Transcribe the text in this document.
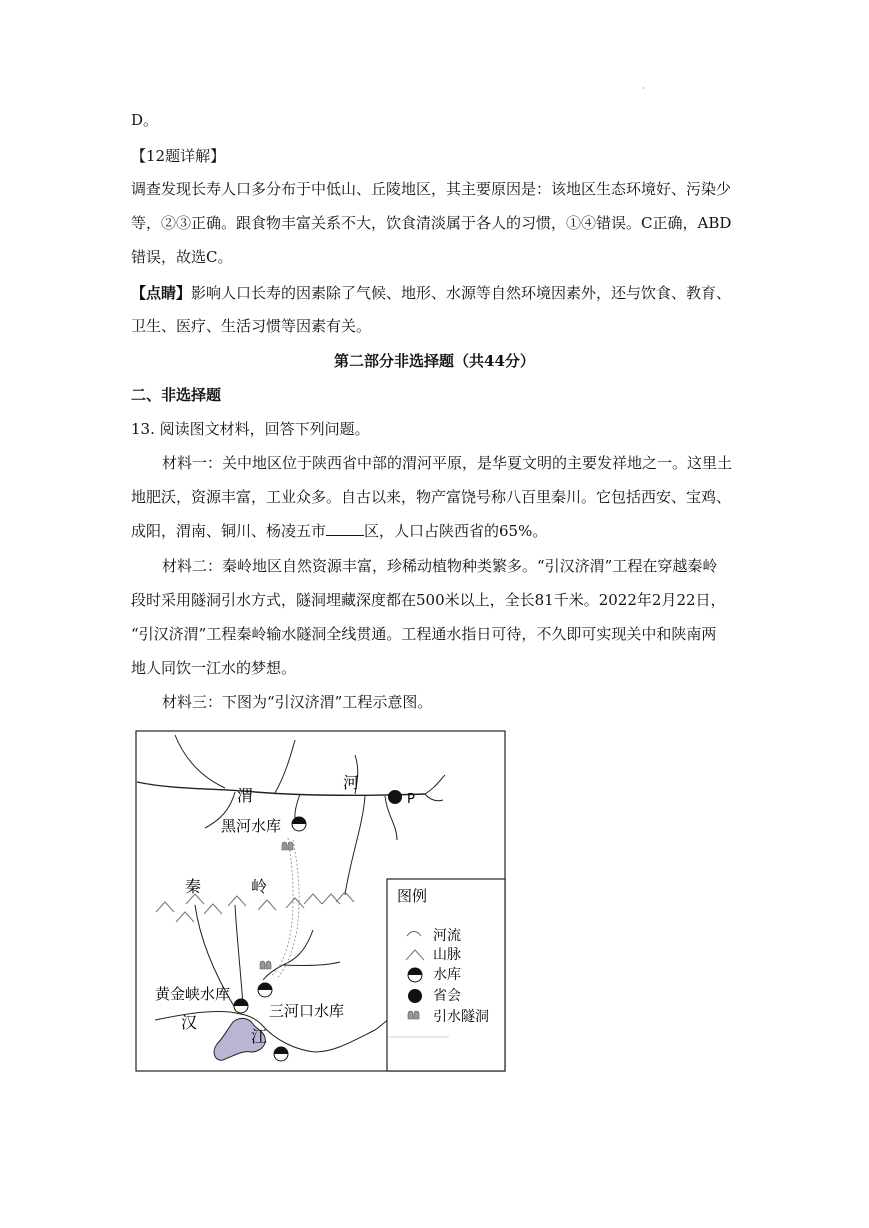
·
D。
【12题详解】
调查发现长寿人口多分布于中低山、丘陵地区，其主要原因是：该地区生态环境好、污染少
等，②③正确。跟食物丰富关系不大，饮食清淡属于各人的习惯，①④错误。C正确，ABD
错误，故选C。
【点睛】影响人口长寿的因素除了气候、地形、水源等自然环境因素外，还与饮食、教育、
卫生、医疗、生活习惯等因素有关。
第二部分非选择题（共44分）
二、非选择题
13. 阅读图文材料，回答下列问题。
材料一：关中地区位于陕西省中部的渭河平原，是华夏文明的主要发祥地之一。这里土
地肥沃，资源丰富，工业众多。自古以来，物产富饶号称八百里秦川。它包括西安、宝鸡、
成阳，渭南、铜川、杨凌五市	区，人口占陕西省的65%。
材料二：秦岭地区自然资源丰富，珍稀动植物种类繁多。“引汉济渭”工程在穿越秦岭
段时采用隧洞引水方式，隧洞埋藏深度都在500米以上，全长81千米。2022年2月22日，
“引汉济渭”工程秦岭输水隧洞全线贯通。工程通水指日可待，不久即可实现关中和陕南两
地人同饮一江水的梦想。
材料三：下图为“引汉济渭”工程示意图。
渭
河
P
黑河水库
秦	岭
黄金峡水库
三河口水库
汉
江
图例
河流
山脉
水库
省会
引水隧洞
